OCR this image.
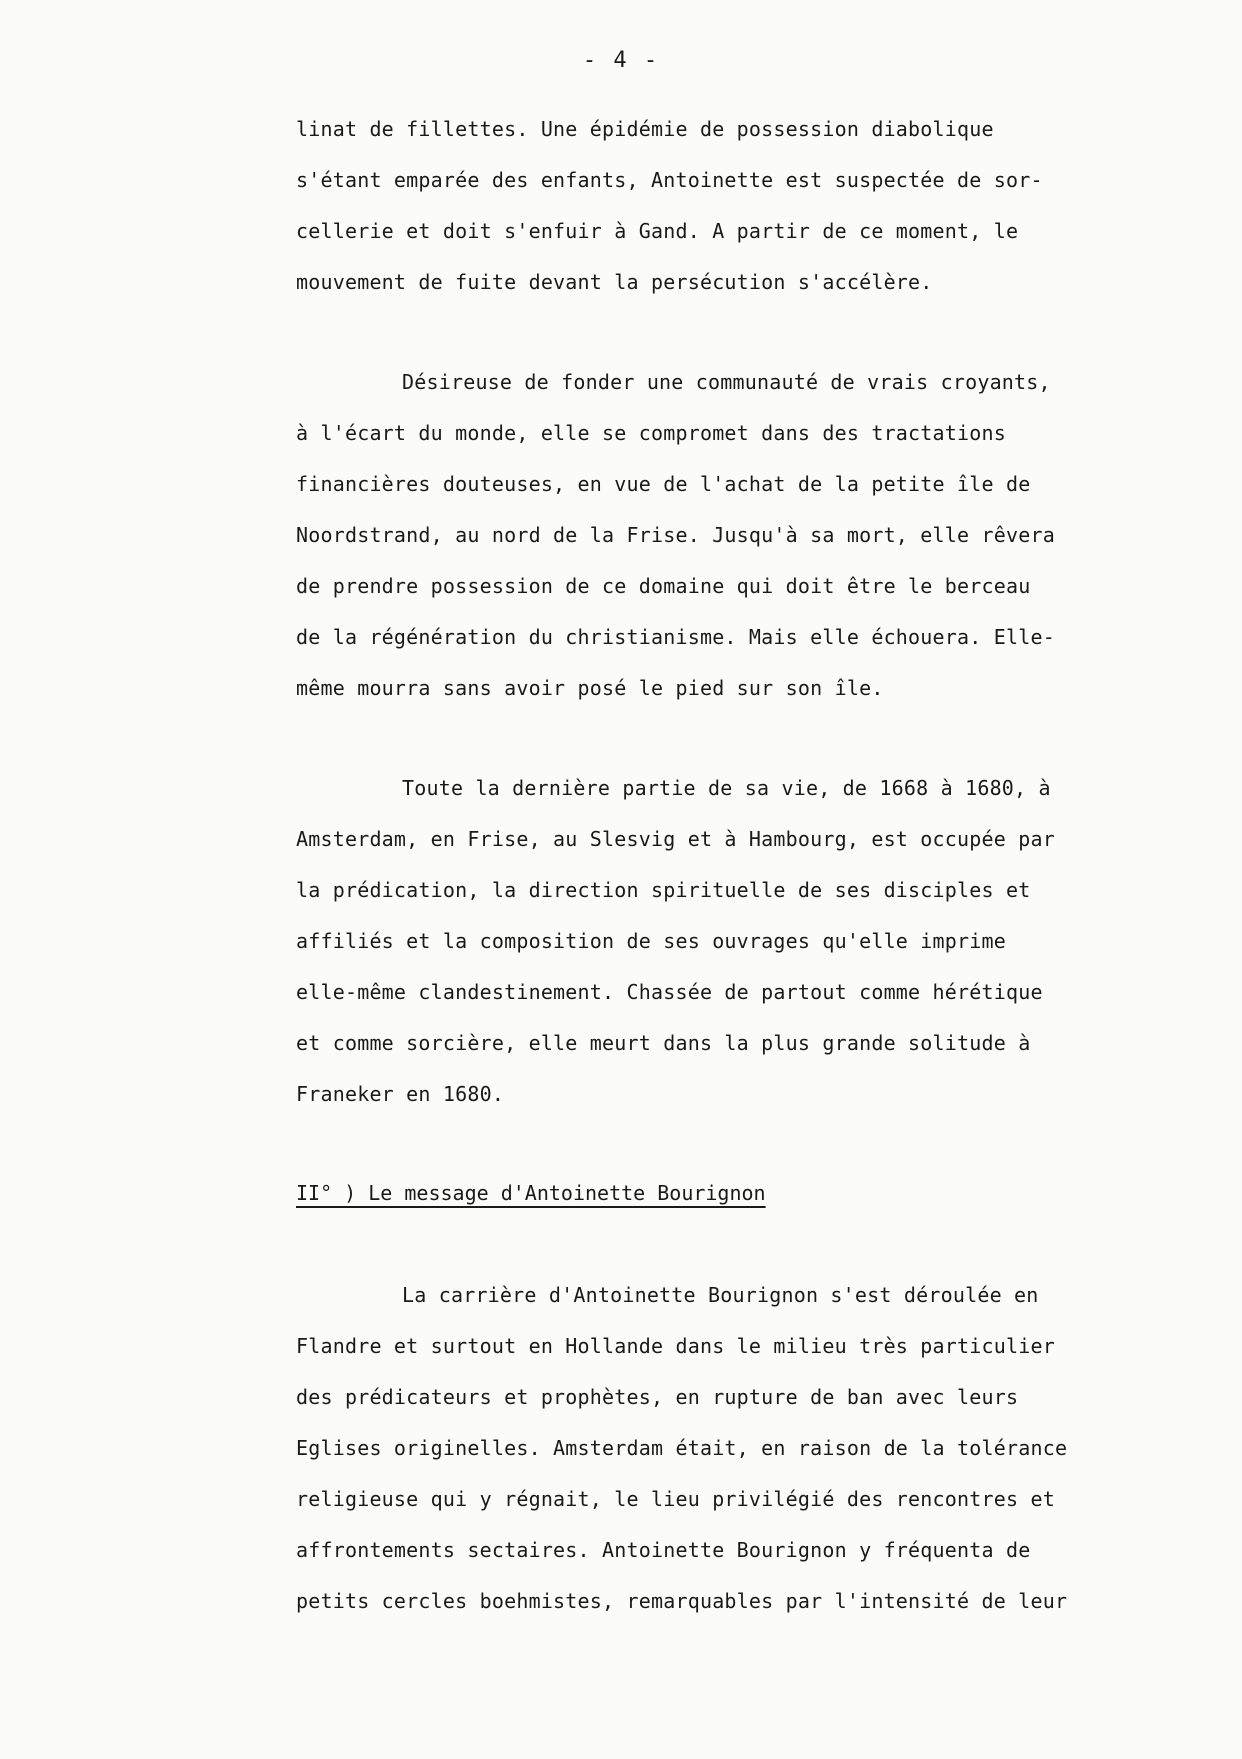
- 4 -
linat de fillettes. Une épidémie de possession diabolique
s'étant emparée des enfants, Antoinette est suspectée de sor-
cellerie et doit s'enfuir à Gand. A partir de ce moment, le
mouvement de fuite devant la persécution s'accélère.
Désireuse de fonder une communauté de vrais croyants,
à l'écart du monde, elle se compromet dans des tractations
financières douteuses, en vue de l'achat de la petite île de
Noordstrand, au nord de la Frise. Jusqu'à sa mort, elle rêvera
de prendre possession de ce domaine qui doit être le berceau
de la régénération du christianisme. Mais elle échouera. Elle-
même mourra sans avoir posé le pied sur son île.
Toute la dernière partie de sa vie, de 1668 à 1680, à
Amsterdam, en Frise, au Slesvig et à Hambourg, est occupée par
la prédication, la direction spirituelle de ses disciples et
affiliés et la composition de ses ouvrages qu'elle imprime
elle-même clandestinement. Chassée de partout comme hérétique
et comme sorcière, elle meurt dans la plus grande solitude à
Franeker en 1680.
II° ) Le message d'Antoinette Bourignon
La carrière d'Antoinette Bourignon s'est déroulée en
Flandre et surtout en Hollande dans le milieu très particulier
des prédicateurs et prophètes, en rupture de ban avec leurs
Eglises originelles. Amsterdam était, en raison de la tolérance
religieuse qui y régnait, le lieu privilégié des rencontres et
affrontements sectaires. Antoinette Bourignon y fréquenta de
petits cercles boehmistes, remarquables par l'intensité de leur
